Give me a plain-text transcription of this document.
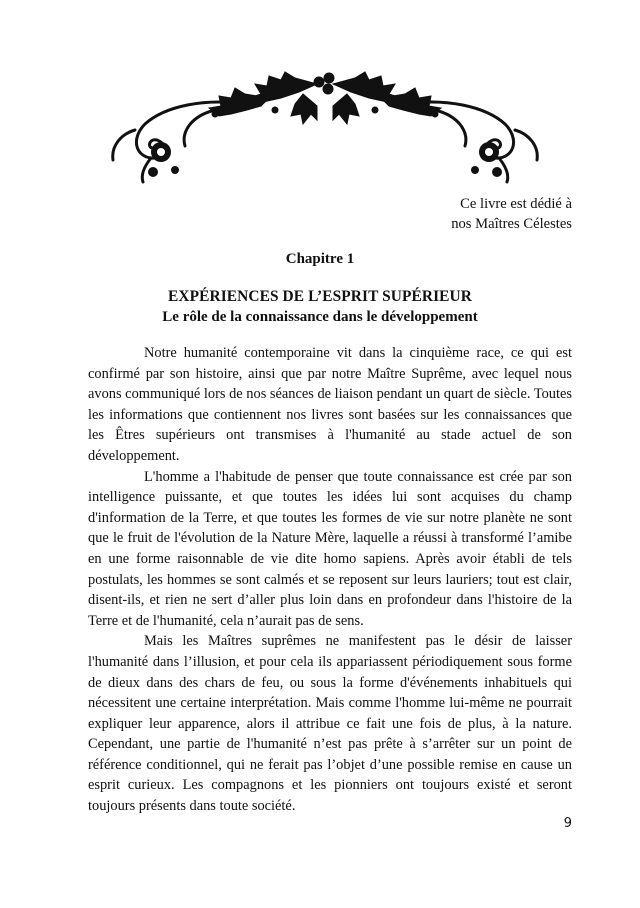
Ce livre est dédié à
nos Maîtres Célestes
Chapitre 1
EXPÉRIENCES DE L’ESPRIT SUPÉRIEUR
Le rôle de la connaissance dans le développement

Notre humanité contemporaine vit dans la cinquième race, ce qui est confirmé par son histoire, ainsi que par notre Maître Suprême, avec lequel nous avons communiqué lors de nos séances de liaison pendant un quart de siècle. Toutes les informations que contiennent nos livres sont basées sur les connaissances que les Êtres supérieurs ont transmises à l'humanité au stade actuel de son développement.

L'homme a l'habitude de penser que toute connaissance est crée par son intelligence puissante, et que toutes les idées lui sont acquises du champ d'information de la Terre, et que toutes les formes de vie sur notre planète ne sont que le fruit de l'évolution de la Nature Mère, laquelle a réussi à transformé l’amibe en une forme raisonnable de vie dite homo sapiens. Après avoir établi de tels postulats, les hommes se sont calmés et se reposent sur leurs lauriers; tout est clair, disent-ils, et rien ne sert d’aller plus loin dans en profondeur dans l'histoire de la Terre et de l'humanité, cela n’aurait pas de sens.

Mais les Maîtres suprêmes ne manifestent pas le désir de laisser l'humanité dans l’illusion, et pour cela ils appariassent périodiquement sous forme de dieux dans des chars de feu, ou sous la forme d'événements inhabituels qui nécessitent une certaine interprétation. Mais comme l'homme lui-même ne pourrait expliquer leur apparence, alors il attribue ce fait une fois de plus, à la nature. Cependant, une partie de l'humanité n’est pas prête à s’arrêter sur un point de référence conditionnel, qui ne ferait pas l’objet d’une possible remise en cause un esprit curieux. Les compagnons et les pionniers ont toujours existé et seront toujours présents dans toute société.

9
